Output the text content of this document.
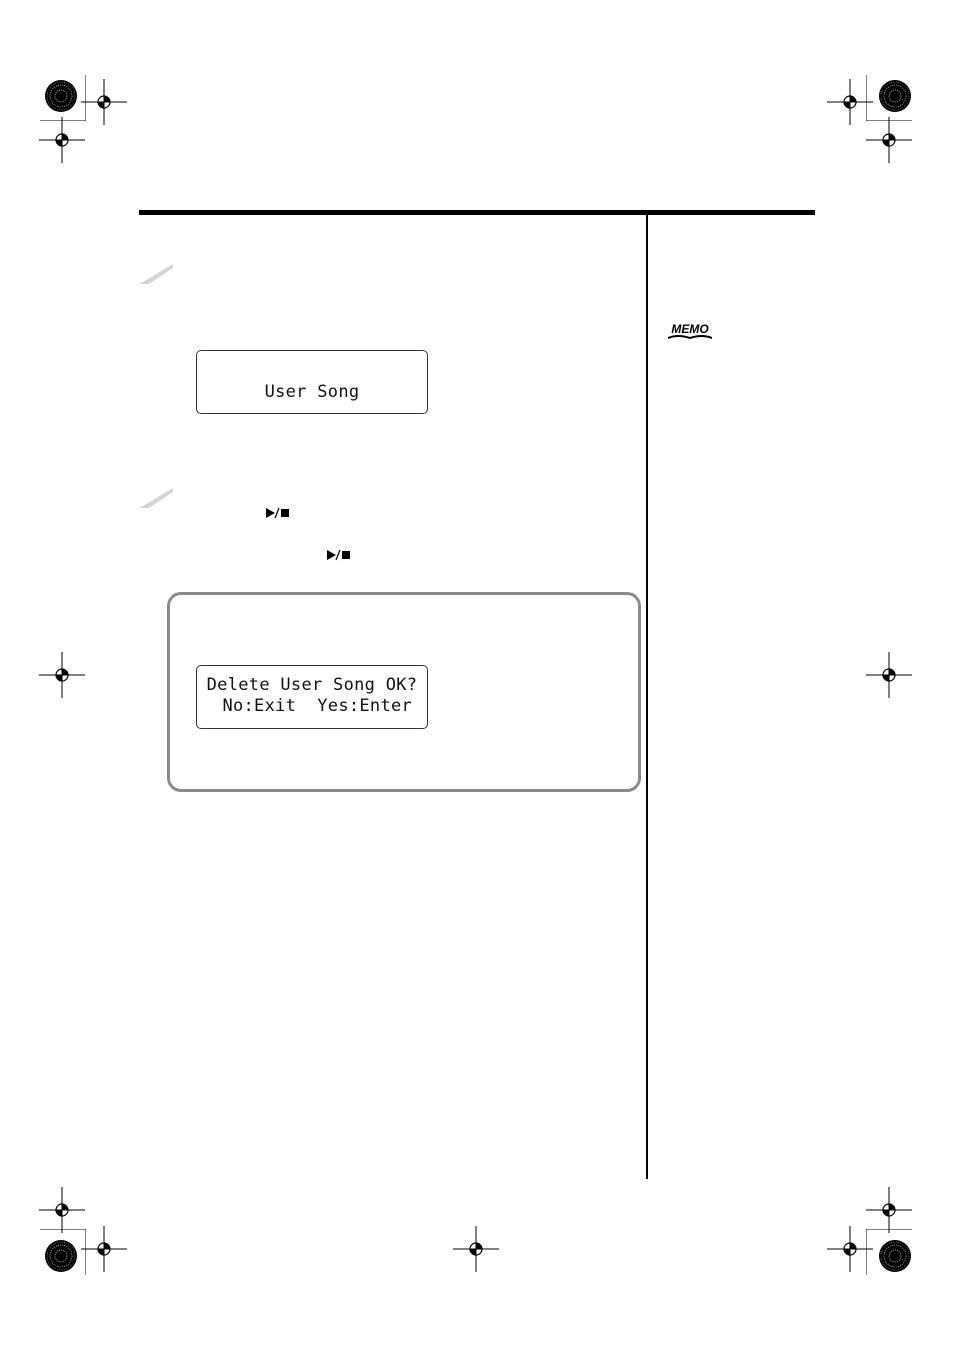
User Song
Delete User Song OK?
No:Exit  Yes:Enter
MEMO
